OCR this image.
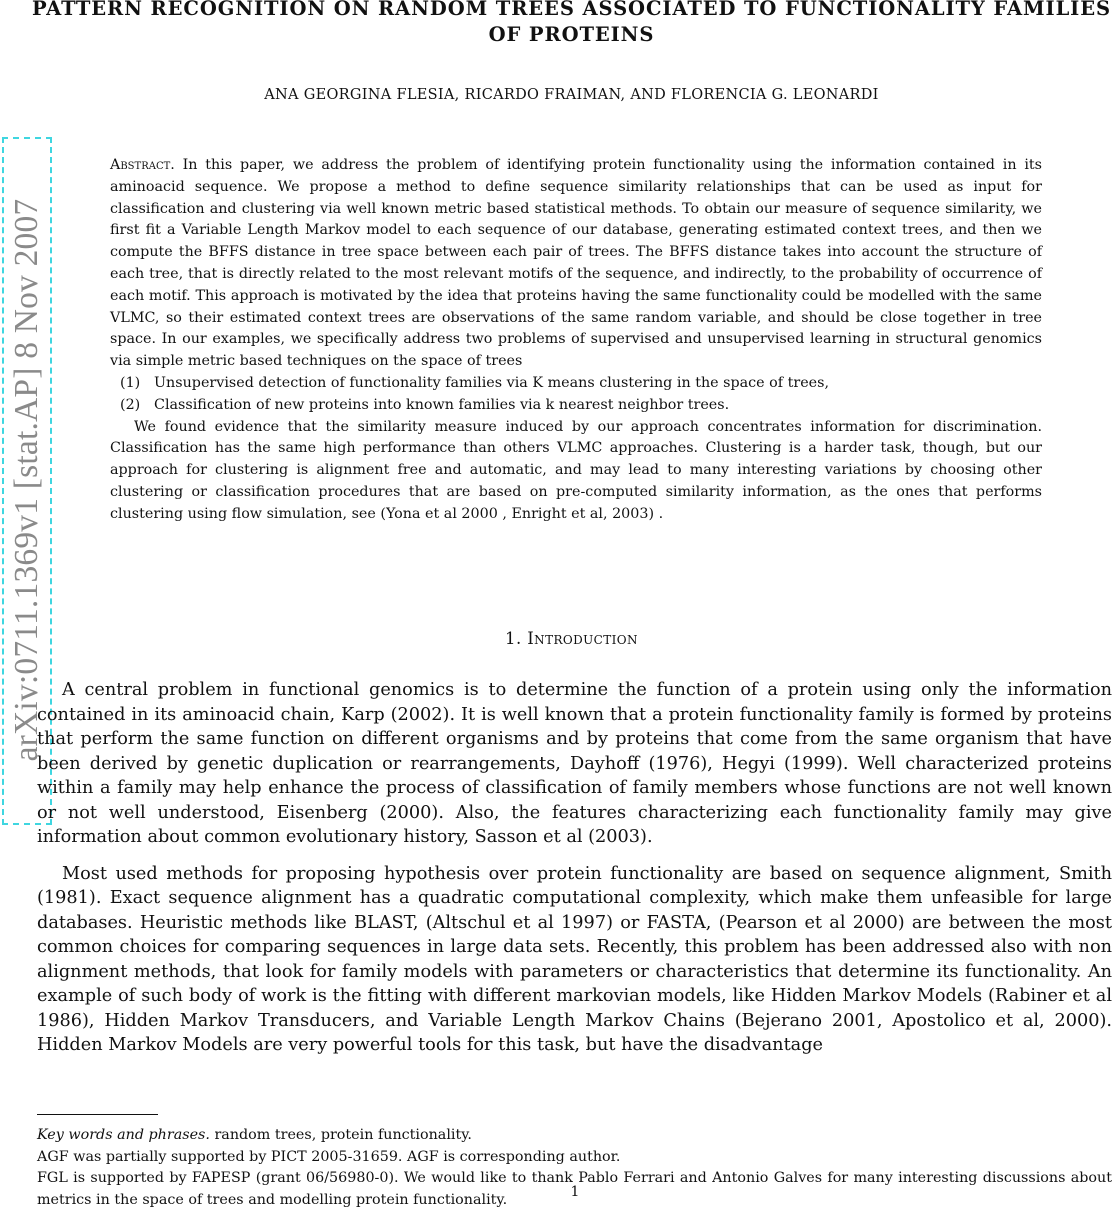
PATTERN RECOGNITION ON RANDOM TREES ASSOCIATED TO FUNCTIONALITY FAMILIES OF PROTEINS
ANA GEORGINA FLESIA, RICARDO FRAIMAN, AND FLORENCIA G. LEONARDI
arXiv:0711.1369v1 [stat.AP] 8 Nov 2007

Abstract. In this paper, we address the problem of identifying protein functionality using the information contained in its aminoacid sequence. We propose a method to define sequence similarity relationships that can be used as input for classification and clustering via well known metric based statistical methods. To obtain our measure of sequence similarity, we first fit a Variable Length Markov model to each sequence of our database, generating estimated context trees, and then we compute the BFFS distance in tree space between each pair of trees. The BFFS distance takes into account the structure of each tree, that is directly related to the most relevant motifs of the sequence, and indirectly, to the probability of occurrence of each motif. This approach is motivated by the idea that proteins having the same functionality could be modelled with the same VLMC, so their estimated context trees are observations of the same random variable, and should be close together in tree space. In our examples, we specifically address two problems of supervised and unsupervised learning in structural genomics via simple metric based techniques on the space of trees

(1) Unsupervised detection of functionality families via K means clustering in the space of trees,
(2) Classification of new proteins into known families via k nearest neighbor trees.

We found evidence that the similarity measure induced by our approach concentrates information for discrimination. Classification has the same high performance than others VLMC approaches. Clustering is a harder task, though, but our approach for clustering is alignment free and automatic, and may lead to many interesting variations by choosing other clustering or classification procedures that are based on pre-computed similarity information, as the ones that performs clustering using flow simulation, see (Yona et al 2000 , Enright et al, 2003) .

1. Introduction

A central problem in functional genomics is to determine the function of a protein using only the information contained in its aminoacid chain, Karp (2002). It is well known that a protein functionality family is formed by proteins that perform the same function on different organisms and by proteins that come from the same organism that have been derived by genetic duplication or rearrangements, Dayhoff (1976), Hegyi (1999). Well characterized proteins within a family may help enhance the process of classification of family members whose functions are not well known or not well understood, Eisenberg (2000). Also, the features characterizing each functionality family may give information about common evolutionary history, Sasson et al (2003).

Most used methods for proposing hypothesis over protein functionality are based on sequence alignment, Smith (1981). Exact sequence alignment has a quadratic computational complexity, which make them unfeasible for large databases. Heuristic methods like BLAST, (Altschul et al 1997) or FASTA, (Pearson et al 2000) are between the most common choices for comparing sequences in large data sets. Recently, this problem has been addressed also with non alignment methods, that look for family models with parameters or characteristics that determine its functionality. An example of such body of work is the fitting with different markovian models, like Hidden Markov Models (Rabiner et al 1986), Hidden Markov Transducers, and Variable Length Markov Chains (Bejerano 2001, Apostolico et al, 2000). Hidden Markov Models are very powerful tools for this task, but have the disadvantage

Key words and phrases. random trees, protein functionality.

AGF was partially supported by PICT 2005-31659. AGF is corresponding author.

FGL is supported by FAPESP (grant 06/56980-0). We would like to thank Pablo Ferrari and Antonio Galves for many interesting discussions about metrics in the space of trees and modelling protein functionality.	1
